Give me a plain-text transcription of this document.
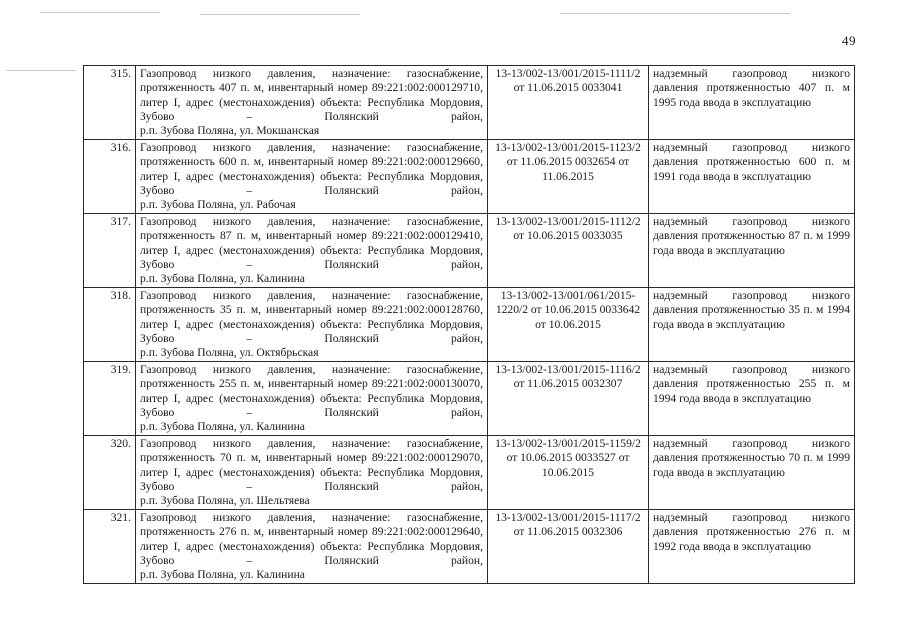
49
315.	Газопровод низкого давления, назначение: газоснабжение, протяженность 407 п. м, инвентарный номер 89:221:002:000129710, литер I, адрес (местонахождения) объекта: Республика Мордовия, Зубово – Полянский район,
р.п. Зубова Поляна, ул. Мокшанская	13-13/002-13/001/2015-1111/2 от 11.06.2015 0033041	надземный газопровод низкого давления протяженностью 407 п. м 1995 года ввода в эксплуатацию
316.	Газопровод низкого давления, назначение: газоснабжение, протяженность 600 п. м, инвентарный номер 89:221:002:000129660, литер I, адрес (местонахождения) объекта: Республика Мордовия, Зубово – Полянский район,
р.п. Зубова Поляна, ул. Рабочая	13-13/002-13/001/2015-1123/2 от 11.06.2015 0032654 от 11.06.2015	надземный газопровод низкого давления протяженностью 600 п. м 1991 года ввода в эксплуатацию
317.	Газопровод низкого давления, назначение: газоснабжение, протяженность 87 п. м, инвентарный номер 89:221:002:000129410, литер I, адрес (местонахождения) объекта: Республика Мордовия, Зубово – Полянский район,
р.п. Зубова Поляна, ул. Калинина	13-13/002-13/001/2015-1112/2 от 10.06.2015 0033035	надземный газопровод низкого давления протяженностью 87 п. м 1999 года ввода в эксплуатацию
318.	Газопровод низкого давления, назначение: газоснабжение, протяженность 35 п. м, инвентарный номер 89:221:002:000128760, литер I, адрес (местонахождения) объекта: Республика Мордовия, Зубово – Полянский район,
р.п. Зубова Поляна, ул. Октябрьская	13-13/002-13/001/061/2015-1220/2 от 10.06.2015 0033642 от 10.06.2015	надземный газопровод низкого давления протяженностью 35 п. м 1994 года ввода в эксплуатацию
319.	Газопровод низкого давления, назначение: газоснабжение, протяженность 255 п. м, инвентарный номер 89:221:002:000130070, литер I, адрес (местонахождения) объекта: Республика Мордовия, Зубово – Полянский район,
р.п. Зубова Поляна, ул. Калинина	13-13/002-13/001/2015-1116/2 от 11.06.2015 0032307	надземный газопровод низкого давления протяженностью 255 п. м 1994 года ввода в эксплуатацию
320.	Газопровод низкого давления, назначение: газоснабжение, протяженность 70 п. м, инвентарный номер 89:221:002:000129070, литер I, адрес (местонахождения) объекта: Республика Мордовия, Зубово – Полянский район,
р.п. Зубова Поляна, ул. Шельтяева	13-13/002-13/001/2015-1159/2 от 10.06.2015 0033527 от 10.06.2015	надземный газопровод низкого давления протяженностью 70 п. м 1999 года ввода в эксплуатацию
321.	Газопровод низкого давления, назначение: газоснабжение, протяженность 276 п. м, инвентарный номер 89:221:002:000129640, литер I, адрес (местонахождения) объекта: Республика Мордовия, Зубово – Полянский район,
р.п. Зубова Поляна, ул. Калинина	13-13/002-13/001/2015-1117/2 от 11.06.2015 0032306	надземный газопровод низкого давления протяженностью 276 п. м 1992 года ввода в эксплуатацию
